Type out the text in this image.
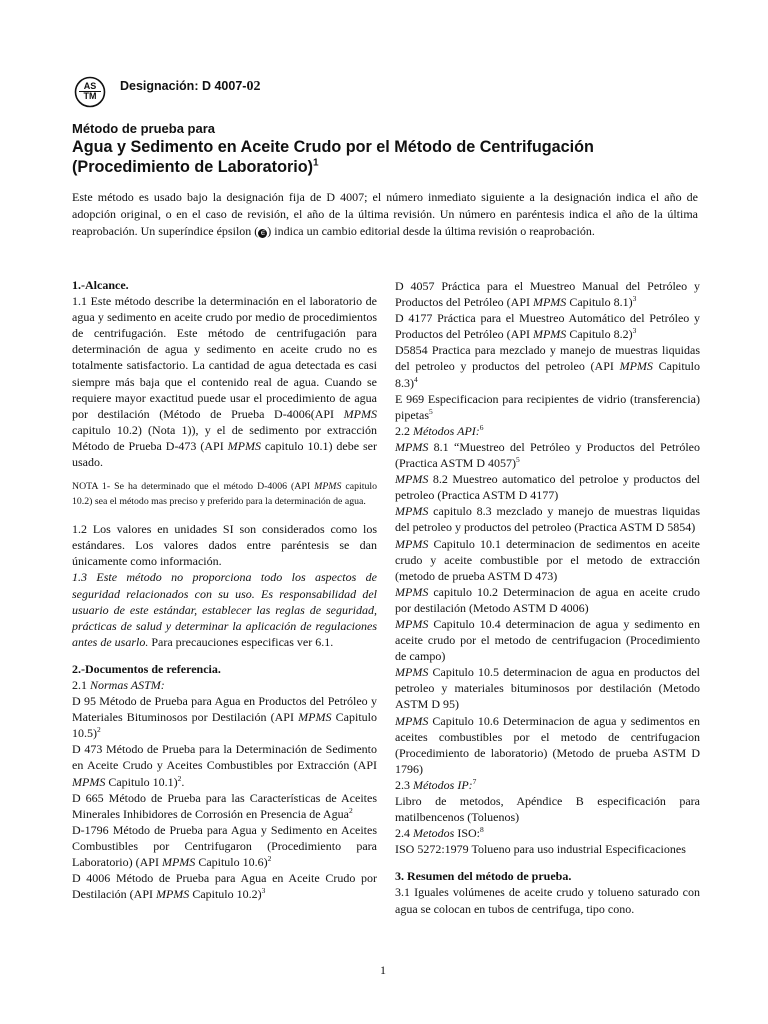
AS
TM
Designación: D 4007-02
Método de prueba para
Agua y Sedimento en Aceite Crudo por el Método de Centrifugación (Procedimiento de Laboratorio)$^1$
Este método es usado bajo la designación fija de D 4007; el número inmediato siguiente a la designación indica el año de adopción original, o en el caso de revisión, el año de la última revisión. Un número en paréntesis indica el año de la última reaprobación. Un superíndice épsilon ( ∈ ) indica un cambio editorial desde la última revisión o reaprobación.

1.-Alcance.

1.1 Este método describe la determinación en el laboratorio de agua y sedimento en aceite crudo por medio de procedimientos de centrifugación. Este método de centrifugación para determinación de agua y sedimento en aceite crudo no es totalmente satisfactorio. La cantidad de agua detectada es casi siempre más baja que el contenido real de agua. Cuando se requiere mayor exactitud puede usar el procedimiento de agua por destilación (Método de Prueba D-4006(API MPMS capitulo 10.2) (Nota 1)), y el de sedimento por extracción Método de Prueba D-473 (API MPMS capitulo 10.1) debe ser usado.

NOTA 1- Se ha determinado que el método D-4006 (API MPMS capitulo 10.2) sea el método mas preciso y preferido para la determinación de agua.

1.2 Los valores en unidades SI son considerados como los estándares. Los valores dados entre paréntesis se dan únicamente como información.

1.3 Este método no proporciona todo los aspectos de seguridad relacionados con su uso. Es responsabilidad del usuario de este estándar, establecer las reglas de seguridad, prácticas de salud y determinar la aplicación de regulaciones antes de usarlo. Para precauciones especificas ver 6.1.

2.-Documentos de referencia.

2.1 Normas ASTM:

D 95 Método de Prueba para Agua en Productos del Petróleo y Materiales Bituminosos por Destilación (API MPMS Capitulo 10.5)$^2$

D 473 Método de Prueba para la Determinación de Sedimento en Aceite Crudo y Aceites Combustibles por Extracción (API MPMS Capitulo 10.1)$^2$.

D 665 Método de Prueba para las Características de Aceites Minerales Inhibidores de Corrosión en Presencia de Agua$^2$

D-1796 Método de Prueba para Agua y Sedimento en Aceites Combustibles por Centrifugaron (Procedimiento para Laboratorio) (API MPMS Capitulo 10.6)$^2$

D 4006 Método de Prueba para Agua en Aceite Crudo por Destilación (API MPMS Capitulo 10.2)$^3$

D 4057 Práctica para el Muestreo Manual del Petróleo y Productos del Petróleo (API MPMS Capitulo 8.1)$^3$

D 4177 Práctica para el Muestreo Automático del Petróleo y Productos del Petróleo (API MPMS Capitulo 8.2)$^3$

D5854 Practica para mezclado y manejo de muestras liquidas del petroleo y productos del petroleo (API MPMS Capitulo 8.3)$^4$

E 969 Especificacion para recipientes de vidrio (transferencia) pipetas$^5$

2.2 Métodos API:$^6$

MPMS 8.1 “Muestreo del Petróleo y Productos del Petróleo (Practica ASTM D 4057)$^5$

MPMS 8.2 Muestreo automatico del petroloe y productos del petroleo (Practica ASTM D 4177)

MPMS capitulo 8.3 mezclado y manejo de muestras liquidas del petroleo y productos del petroleo (Practica ASTM D 5854)

MPMS Capitulo 10.1 determinacion de sedimentos en aceite crudo y aceite combustible por el metodo de extracción (metodo de prueba ASTM D 473)

MPMS capitulo 10.2 Determinacion de agua en aceite crudo por destilación (Metodo ASTM D 4006)

MPMS Capitulo 10.4 determinacion de agua y sedimento en aceite crudo por el metodo de centrifugacion (Procedimiento de campo)

MPMS Capitulo 10.5 determinacion de agua en productos del petroleo y materiales bituminosos por destilación (Metodo ASTM D 95)

MPMS Capitulo 10.6 Determinacion de agua y sedimentos en aceites combustibles por el metodo de centrifugacion (Procedimiento de laboratorio) (Metodo de prueba ASTM D 1796)

2.3 Métodos IP:$^7$

Libro de metodos, Apéndice B especificación para matilbencenos (Toluenos)

2.4 Metodos ISO:$^8$

ISO 5272:1979 Tolueno para uso industrial Especificaciones

3. Resumen del método de prueba.

3.1 Iguales volúmenes de aceite crudo y tolueno saturado con agua se colocan en tubos de centrifuga, tipo cono.

1
